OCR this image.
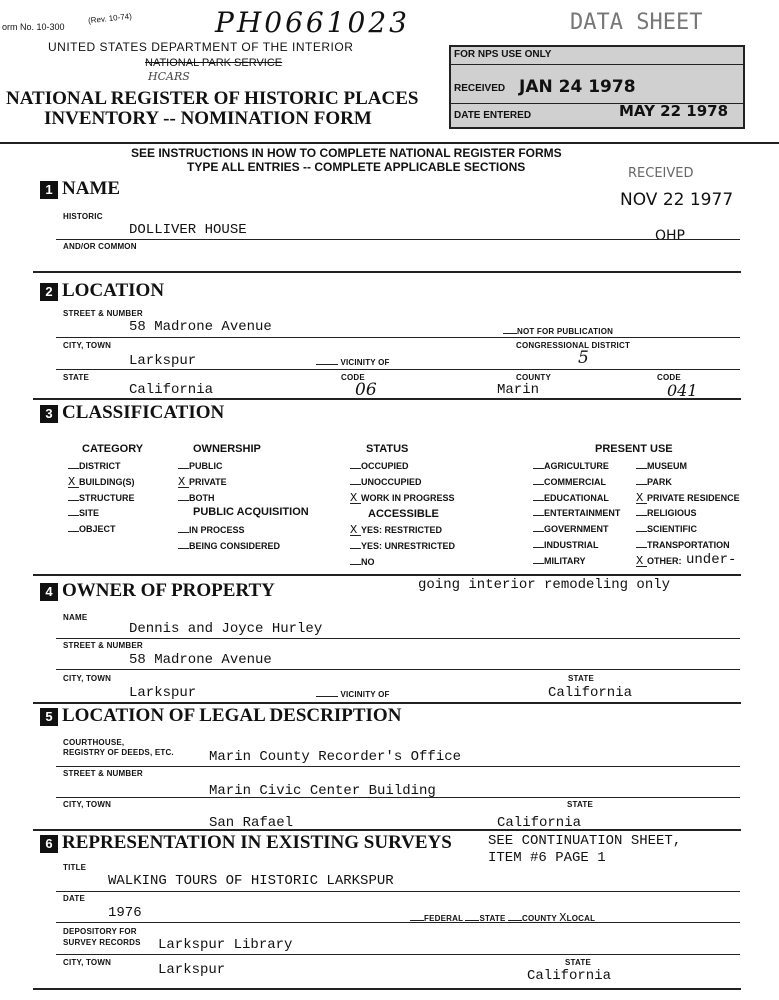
orm No. 10-300
(Rev. 10-74)	PH0661023	DATA SHEET
UNITED STATES DEPARTMENT OF THE INTERIOR
NATIONAL PARK SERVICE
HCARS
NATIONAL REGISTER OF HISTORIC PLACES
INVENTORY -- NOMINATION FORM
FOR NPS USE ONLY
RECEIVED JAN 24 1978
DATE ENTERED	MAY 22 1978
SEE INSTRUCTIONS IN HOW TO COMPLETE NATIONAL REGISTER FORMS
TYPE ALL ENTRIES -- COMPLETE APPLICABLE SECTIONS	RECEIVED
NOV 22 1977
OHP
1 NAME
HISTORIC
DOLLIVER HOUSE
AND/OR COMMON
2 LOCATION
STREET & NUMBER
58 Madrone Avenue	NOT FOR PUBLICATION
CITY, TOWN	CONGRESSIONAL DISTRICT
5
Larkspur	VICINITY OF
STATE	CODE	COUNTY	CODE
California	06	Marin	041
3 CLASSIFICATION
CATEGORY	OWNERSHIP	STATUS	PRESENT USE
PUBLIC ACQUISITION	ACCESSIBLE
DISTRICT
X BUILDING(S)
STRUCTURE
SITE
OBJECT
PUBLIC
X PRIVATE
BOTH
IN PROCESS
BEING CONSIDERED
OCCUPIED
UNOCCUPIED
X WORK IN PROGRESS
X YES: RESTRICTED
YES: UNRESTRICTED
NO
AGRICULTURE
COMMERCIAL
EDUCATIONAL
ENTERTAINMENT
GOVERNMENT
INDUSTRIAL
MILITARY
MUSEUM
PARK
X PRIVATE RESIDENCE
RELIGIOUS
SCIENTIFIC
TRANSPORTATION
X OTHER: under-
4 OWNER OF PROPERTY	going interior remodeling only
NAME
Dennis and Joyce Hurley
STREET & NUMBER
58 Madrone Avenue
CITY, TOWN	STATE
Larkspur	VICINITY OF	California
5 LOCATION OF LEGAL DESCRIPTION
COURTHOUSE,
REGISTRY OF DEEDS, ETC.	Marin County Recorder's Office
STREET & NUMBER
Marin Civic Center Building
CITY, TOWN	STATE
San Rafael	California
6 REPRESENTATION IN EXISTING SURVEYS	SEE CONTINUATION SHEET,
ITEM #6 PAGE 1
TITLE
WALKING TOURS OF HISTORIC LARKSPUR
DATE
1976	FEDERAL STATE COUNTY XLOCAL
DEPOSITORY FOR
SURVEY RECORDS Larkspur Library
CITY, TOWN	STATE
Larkspur	California
